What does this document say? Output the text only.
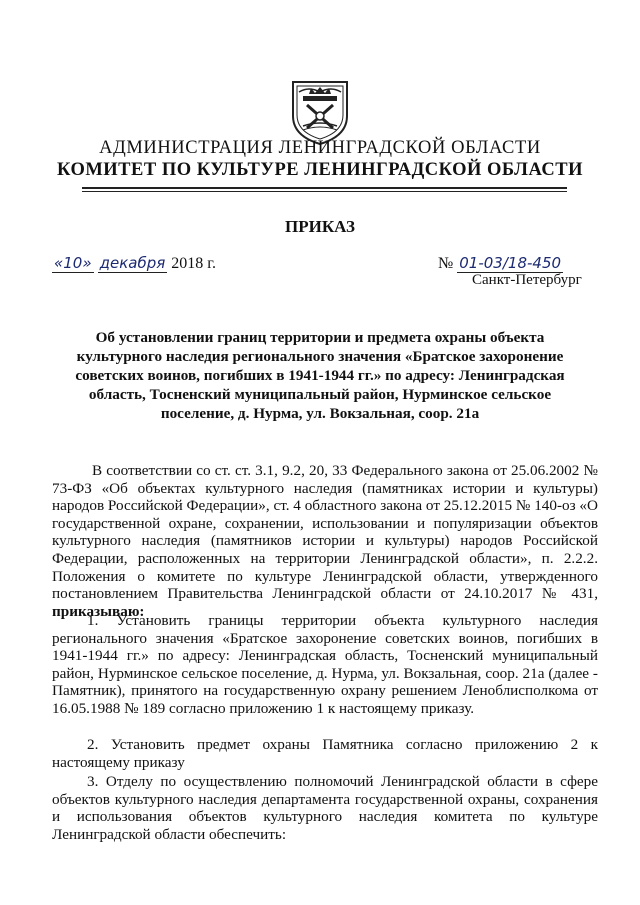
АДМИНИСТРАЦИЯ ЛЕНИНГРАДСКОЙ ОБЛАСТИ
КОМИТЕТ ПО КУЛЬТУРЕ ЛЕНИНГРАДСКОЙ ОБЛАСТИ
ПРИКАЗ
«10» декабря 2018 г.	№ 01-03/18-450
Санкт-Петербург
Об установлении границ территории и предмета охраны объекта культурного наследия регионального значения «Братское захоронение советских воинов, погибших в 1941-1944 гг.» по адресу: Ленинградская область, Тосненский муниципальный район, Нурминское сельское поселение, д. Нурма, ул. Вокзальная, соор. 21а
В соответствии со ст. ст. 3.1, 9.2, 20, 33 Федерального закона от 25.06.2002 № 73-ФЗ «Об объектах культурного наследия (памятниках истории и культуры) народов Российской Федерации», ст. 4 областного закона от 25.12.2015 № 140-оз «О государственной охране, сохранении, использовании и популяризации объектов культурного наследия (памятников истории и культуры) народов Российской Федерации, расположенных на территории Ленинградской области», п. 2.2.2. Положения о комитете по культуре Ленинградской области, утвержденного постановлением Правительства Ленинградской области от 24.10.2017 № 431, приказываю:
1. Установить границы территории объекта культурного наследия регионального значения «Братское захоронение советских воинов, погибших в 1941-1944 гг.» по адресу: Ленинградская область, Тосненский муниципальный район, Нурминское сельское поселение, д. Нурма, ул. Вокзальная, соор. 21а (далее - Памятник), принятого на государственную охрану решением Леноблисполкома от 16.05.1988 № 189 согласно приложению 1 к настоящему приказу.
2. Установить предмет охраны Памятника согласно приложению 2 к настоящему приказу
3. Отделу по осуществлению полномочий Ленинградской области в сфере объектов культурного наследия департамента государственной охраны, сохранения и использования объектов культурного наследия комитета по культуре Ленинградской области обеспечить:
